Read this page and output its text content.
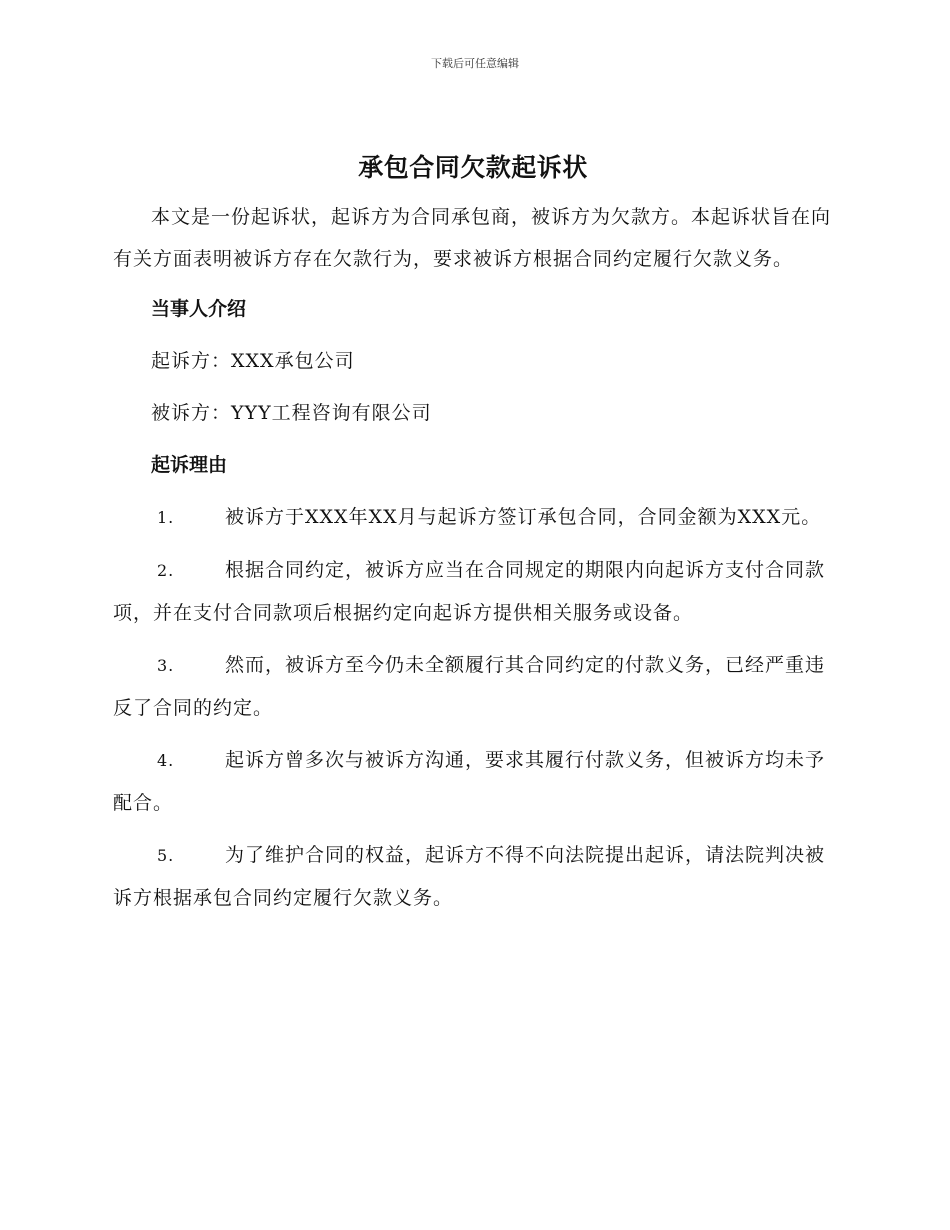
下载后可任意编辑
承包合同欠款起诉状

本文是一份起诉状，起诉方为合同承包商，被诉方为欠款方。本起诉状旨在向有关方面表明被诉方存在欠款行为，要求被诉方根据合同约定履行欠款义务。

当事人介绍

起诉方：XXX承包公司

被诉方：YYY工程咨询有限公司

起诉理由

1.	被诉方于XXX年XX月与起诉方签订承包合同，合同金额为XXX元。

2.	根据合同约定，被诉方应当在合同规定的期限内向起诉方支付合同款项，并在支付合同款项后根据约定向起诉方提供相关服务或设备。

3.	然而，被诉方至今仍未全额履行其合同约定的付款义务，已经严重违反了合同的约定。

4.	起诉方曾多次与被诉方沟通，要求其履行付款义务，但被诉方均未予配合。

5.	为了维护合同的权益，起诉方不得不向法院提出起诉，请法院判决被诉方根据承包合同约定履行欠款义务。
